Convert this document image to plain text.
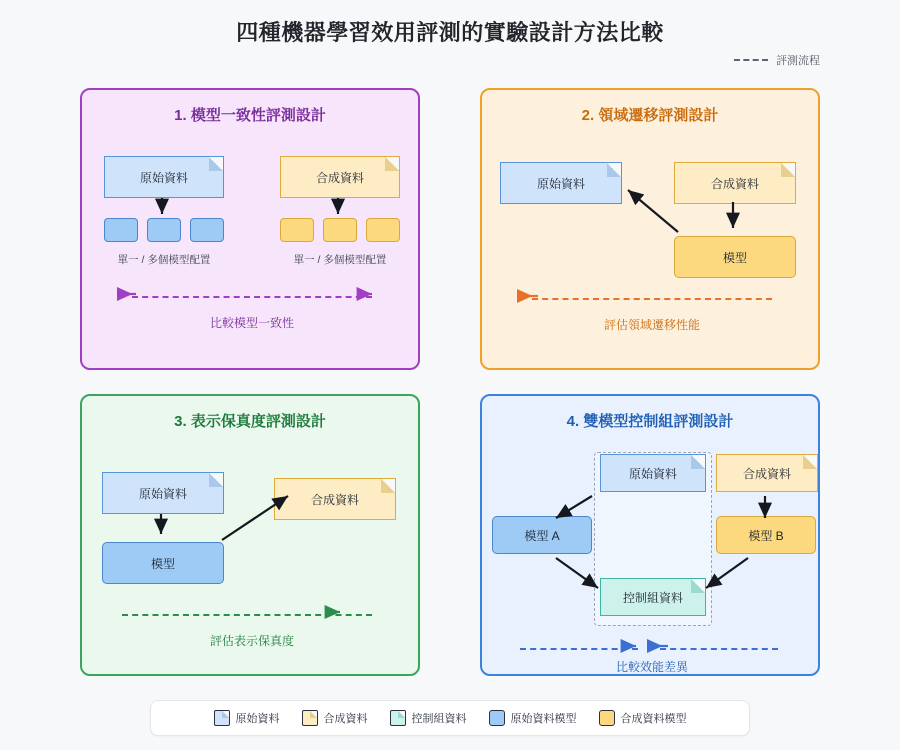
四種機器學習效用評測的實驗設計方法比較
評測流程
1. 模型一致性評測設計
原始資料	合成資料
單一 / 多個模型配置	單一 / 多個模型配置
比較模型一致性
2. 領域遷移評測設計
原始資料	合成資料
模型
評估領域遷移性能
3. 表示保真度評測設計
原始資料	合成資料
模型
評估表示保真度
4. 雙模型控制組評測設計
原始資料	合成資料
模型 A	模型 B
控制組資料
比較效能差異
原始資料	合成資料	控制組資料	原始資料模型	合成資料模型
